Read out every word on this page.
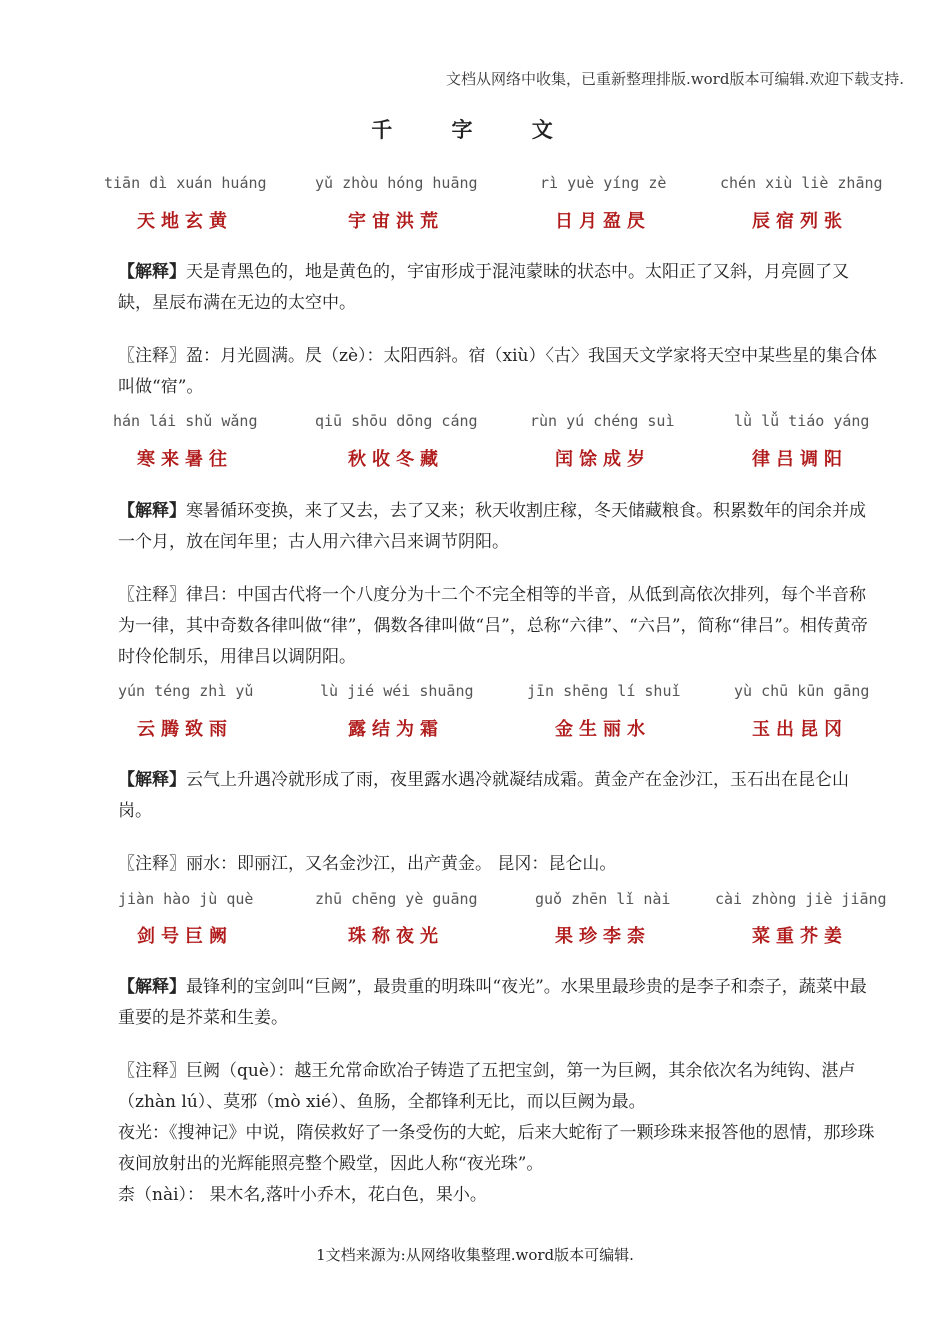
文档从网络中收集，已重新整理排版.word版本可编辑.欢迎下载支持.
千 字 文
tiān dì xuán huáng	yǔ zhòu hóng huāng	rì yuè yíng zè	chén xiù liè zhāng
天地玄黄	宇宙洪荒	日月盈昃	辰宿列张
【解释】天是青黑色的，地是黄色的，宇宙形成于混沌蒙昧的状态中。太阳正了又斜，月亮圆了又缺，星辰布满在无边的太空中。
〖注释〗盈：月光圆满。昃（zè）：太阳西斜。宿（xiù）〈古〉我国天文学家将天空中某些星的集合体叫做“宿”。
hán lái shǔ wǎng	qiū shōu dōng cáng	rùn yú chéng suì	lǜ lǚ tiáo yáng
寒来暑往	秋收冬藏	闰馀成岁	律吕调阳
【解释】寒暑循环变换，来了又去，去了又来；秋天收割庄稼，冬天储藏粮食。积累数年的闰余并成一个月，放在闰年里；古人用六律六吕来调节阴阳。
〖注释〗律吕：中国古代将一个八度分为十二个不完全相等的半音，从低到高依次排列，每个半音称为一律，其中奇数各律叫做“律”，偶数各律叫做“吕”，总称“六律”、“六吕”，简称“律吕”。相传黄帝时伶伦制乐，用律吕以调阴阳。
yún téng zhì yǔ	lù jié wéi shuāng	jīn shēng lí shuǐ	yù chū kūn gāng
云腾致雨	露结为霜	金生丽水	玉出昆冈
【解释】云气上升遇冷就形成了雨，夜里露水遇冷就凝结成霜。黄金产在金沙江，玉石出在昆仑山岗。
〖注释〗丽水：即丽江，又名金沙江，出产黄金。 昆冈：昆仑山。
jiàn hào jù què	zhū chēng yè guāng	guǒ zhēn lǐ nài	cài zhòng jiè jiāng
剑号巨阙	珠称夜光	果珍李柰	菜重芥姜
【解释】最锋利的宝剑叫“巨阙”，最贵重的明珠叫“夜光”。水果里最珍贵的是李子和柰子，蔬菜中最重要的是芥菜和生姜。
〖注释〗巨阙（què）：越王允常命欧冶子铸造了五把宝剑，第一为巨阙，其余依次名为纯钩、湛卢（zhàn lú）、莫邪（mò xié）、鱼肠，全都锋利无比，而以巨阙为最。
夜光：《搜神记》中说，隋侯救好了一条受伤的大蛇，后来大蛇衔了一颗珍珠来报答他的恩情，那珍珠夜间放射出的光辉能照亮整个殿堂，因此人称“夜光珠”。
柰（nài）： 果木名,落叶小乔木，花白色，果小。
1文档来源为:从网络收集整理.word版本可编辑.
